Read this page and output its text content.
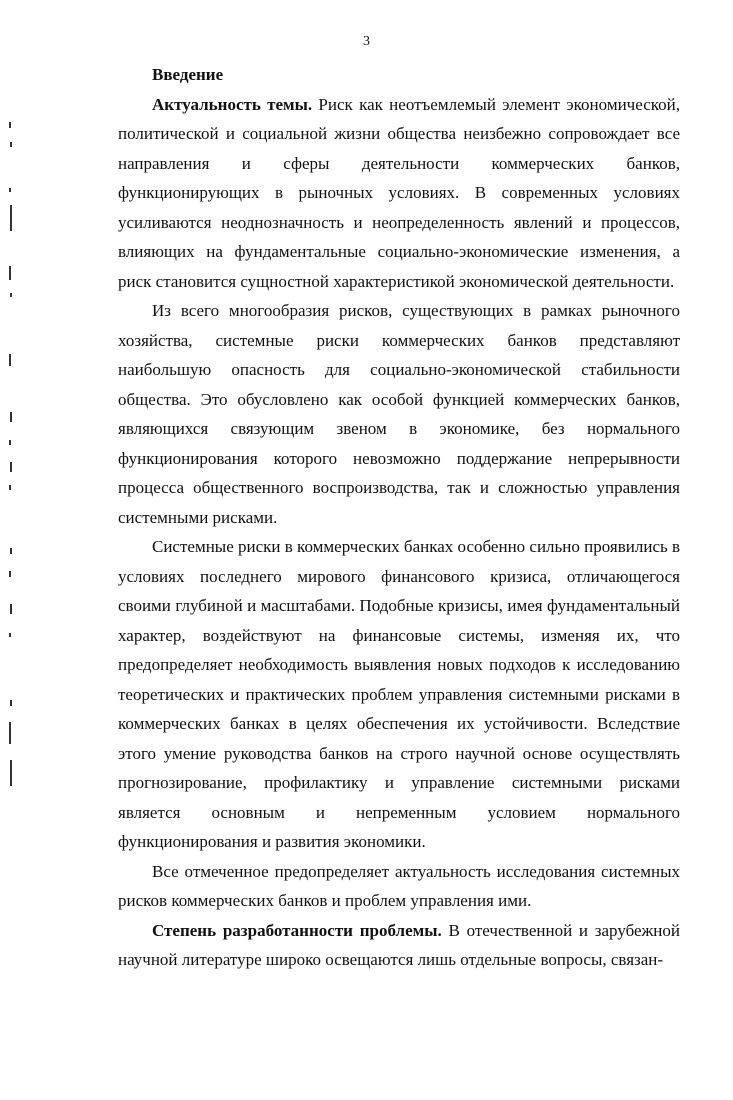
3

Введение

Актуальность темы. Риск как неотъемлемый элемент экономической, политической и социальной жизни общества неизбежно сопровождает все направления и сферы деятельности коммерческих банков, функционирующих в рыночных условиях. В современных условиях усиливаются неоднозначность и неопределенность явлений и процессов, влияющих на фундаментальные социально-экономические изменения, а риск становится сущностной характеристикой экономической деятельности.

Из всего многообразия рисков, существующих в рамках рыночного хозяйства, системные риски коммерческих банков представляют наибольшую опасность для социально-экономической стабильности общества. Это обусловлено как особой функцией коммерческих банков, являющихся связующим звеном в экономике, без нормального функционирования которого невозможно поддержание непрерывности процесса общественного воспроизводства, так и сложностью управления системными рисками.

Системные риски в коммерческих банках особенно сильно проявились в условиях последнего мирового финансового кризиса, отличающегося своими глубиной и масштабами. Подобные кризисы, имея фундаментальный характер, воздействуют на финансовые системы, изменяя их, что предопределяет необходимость выявления новых подходов к исследованию теоретических и практических проблем управления системными рисками в коммерческих банках в целях обеспечения их устойчивости. Вследствие этого умение руководства банков на строго научной основе осуществлять прогнозирование, профилактику и управление системными рисками является основным и непременным условием нормального функционирования и развития экономики.

Все отмеченное предопределяет актуальность исследования системных рисков коммерческих банков и проблем управления ими.

Степень разработанности проблемы. В отечественной и зарубежной научной литературе широко освещаются лишь отдельные вопросы, связан-
